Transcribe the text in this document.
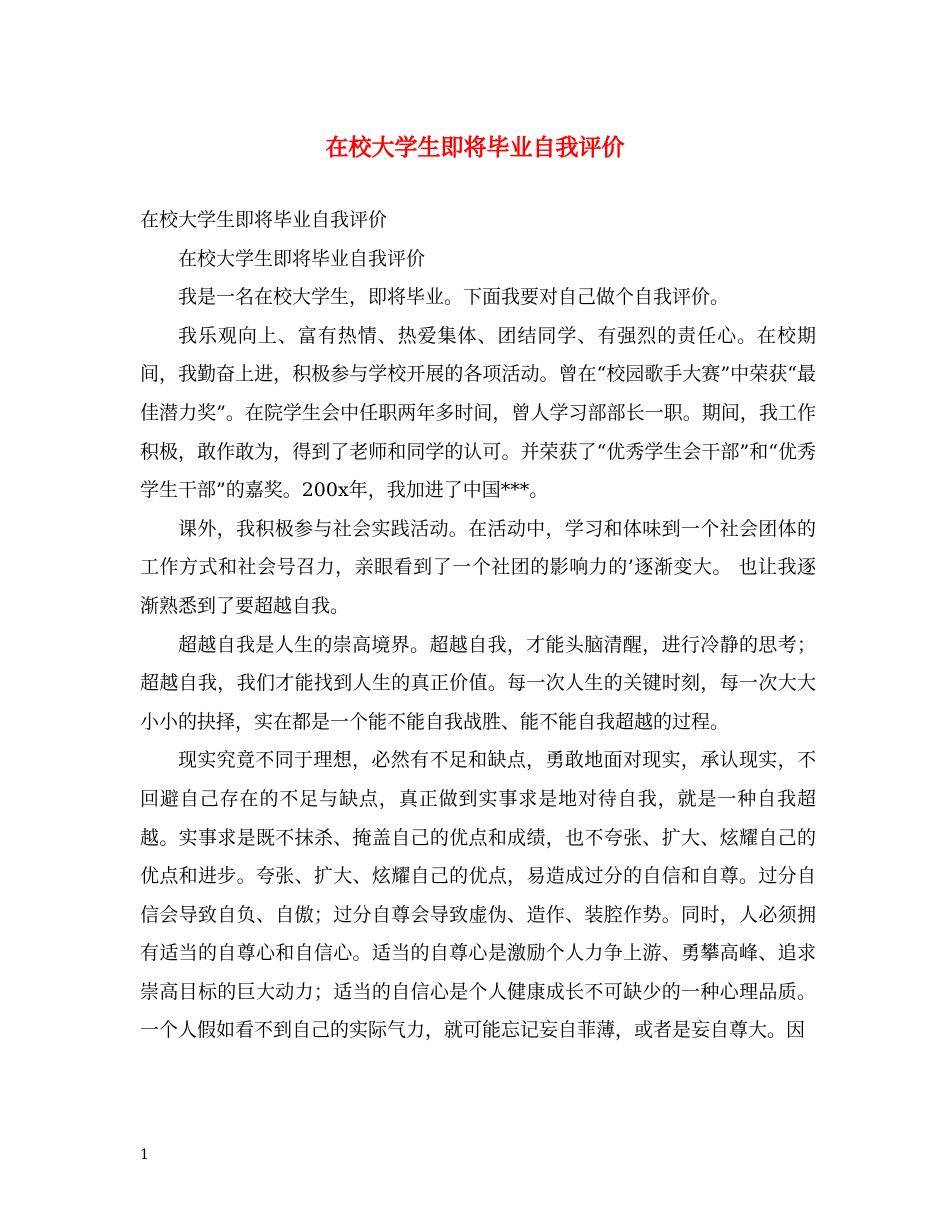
在校大学生即将毕业自我评价

在校大学生即将毕业自我评价

在校大学生即将毕业自我评价

我是一名在校大学生，即将毕业。下面我要对自己做个自我评价。

我乐观向上、富有热情、热爱集体、团结同学、有强烈的责任心。在校期间，我勤奋上进，积极参与学校开展的各项活动。曾在“校园歌手大赛”中荣获“最佳潜力奖”。在院学生会中任职两年多时间，曾人学习部部长一职。期间，我工作积极，敢作敢为，得到了老师和同学的认可。并荣获了“优秀学生会干部”和“优秀学生干部”的嘉奖。200x年，我加进了中国***。

课外，我积极参与社会实践活动。在活动中，学习和体味到一个社会团体的工作方式和社会号召力，亲眼看到了一个社团的影响力的’逐渐变大。 也让我逐渐熟悉到了要超越自我。

超越自我是人生的崇高境界。超越自我，才能头脑清醒，进行冷静的思考；超越自我，我们才能找到人生的真正价值。每一次人生的关键时刻，每一次大大小小的抉择，实在都是一个能不能自我战胜、能不能自我超越的过程。

现实究竟不同于理想，必然有不足和缺点，勇敢地面对现实，承认现实，不回避自己存在的不足与缺点，真正做到实事求是地对待自我，就是一种自我超越。实事求是既不抹杀、掩盖自己的优点和成绩，也不夸张、扩大、炫耀自己的优点和进步。夸张、扩大、炫耀自己的优点，易造成过分的自信和自尊。过分自信会导致自负、自傲；过分自尊会导致虚伪、造作、装腔作势。同时，人必须拥有适当的自尊心和自信心。适当的自尊心是激励个人力争上游、勇攀高峰、追求崇高目标的巨大动力；适当的自信心是个人健康成长不可缺少的一种心理品质。一个人假如看不到自己的实际气力，就可能忘记妄自菲薄，或者是妄自尊大。因

1
